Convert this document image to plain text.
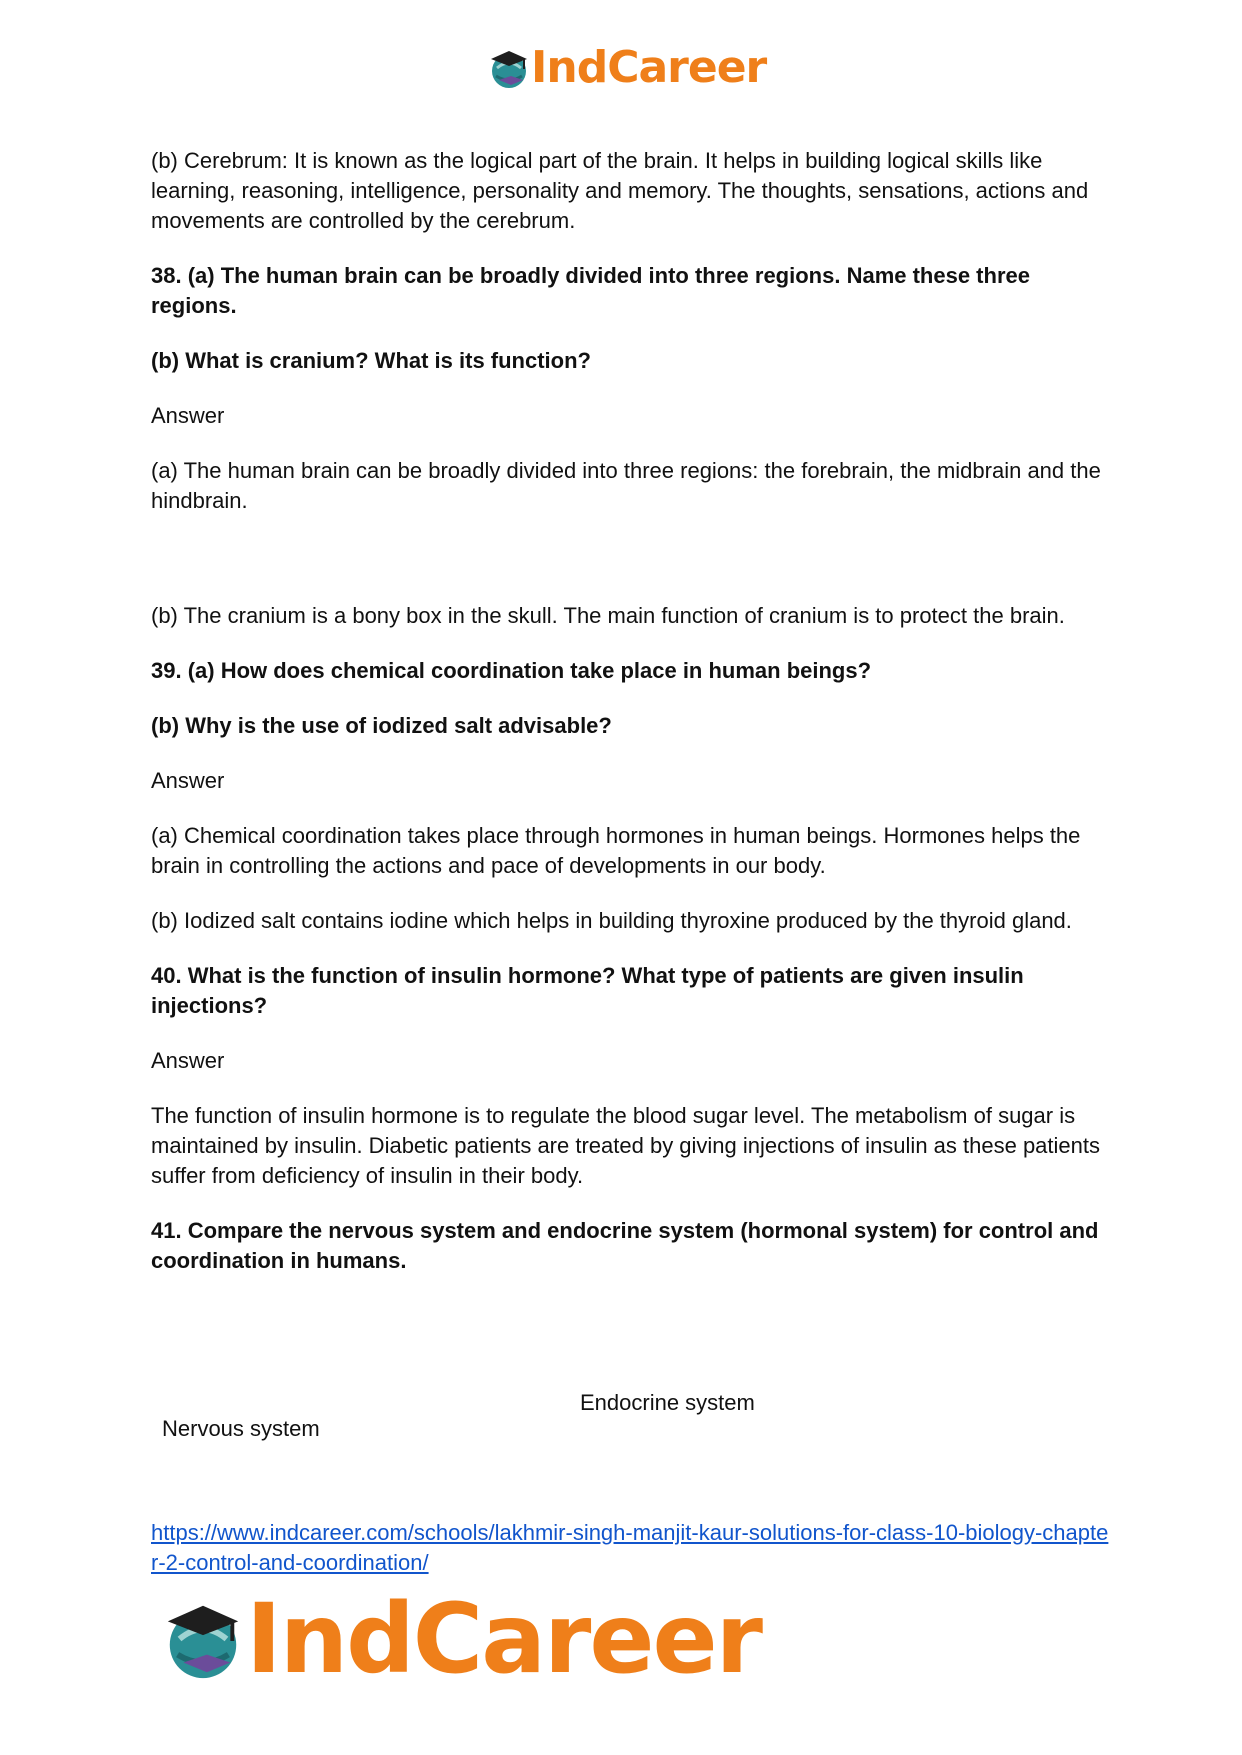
IndCareer

(b) Cerebrum: It is known as the logical part of the brain. It helps in building logical skills like learning, reasoning, intelligence, personality and memory. The thoughts, sensations, actions and movements are controlled by the cerebrum.

38. (a) The human brain can be broadly divided into three regions. Name these three regions.

(b) What is cranium? What is its function?

Answer

(a) The human brain can be broadly divided into three regions: the forebrain, the midbrain and the hindbrain.

(b) The cranium is a bony box in the skull. The main function of cranium is to protect the brain.

39. (a) How does chemical coordination take place in human beings?

(b) Why is the use of iodized salt advisable?

Answer

(a) Chemical coordination takes place through hormones in human beings. Hormones helps the brain in controlling the actions and pace of developments in our body.

(b) Iodized salt contains iodine which helps in building thyroxine produced by the thyroid gland.

40. What is the function of insulin hormone? What type of patients are given insulin injections?

Answer

The function of insulin hormone is to regulate the blood sugar level. The metabolism of sugar is maintained by insulin. Diabetic patients are treated by giving injections of insulin as these patients suffer from deficiency of insulin in their body.

41. Compare the nervous system and endocrine system (hormonal system) for control and coordination in humans.

Endocrine system
Nervous system
https://www.indcareer.com/schools/lakhmir-singh-manjit-kaur-solutions-for-class-10-biology-chapter-2-control-and-coordination/
IndCareer
